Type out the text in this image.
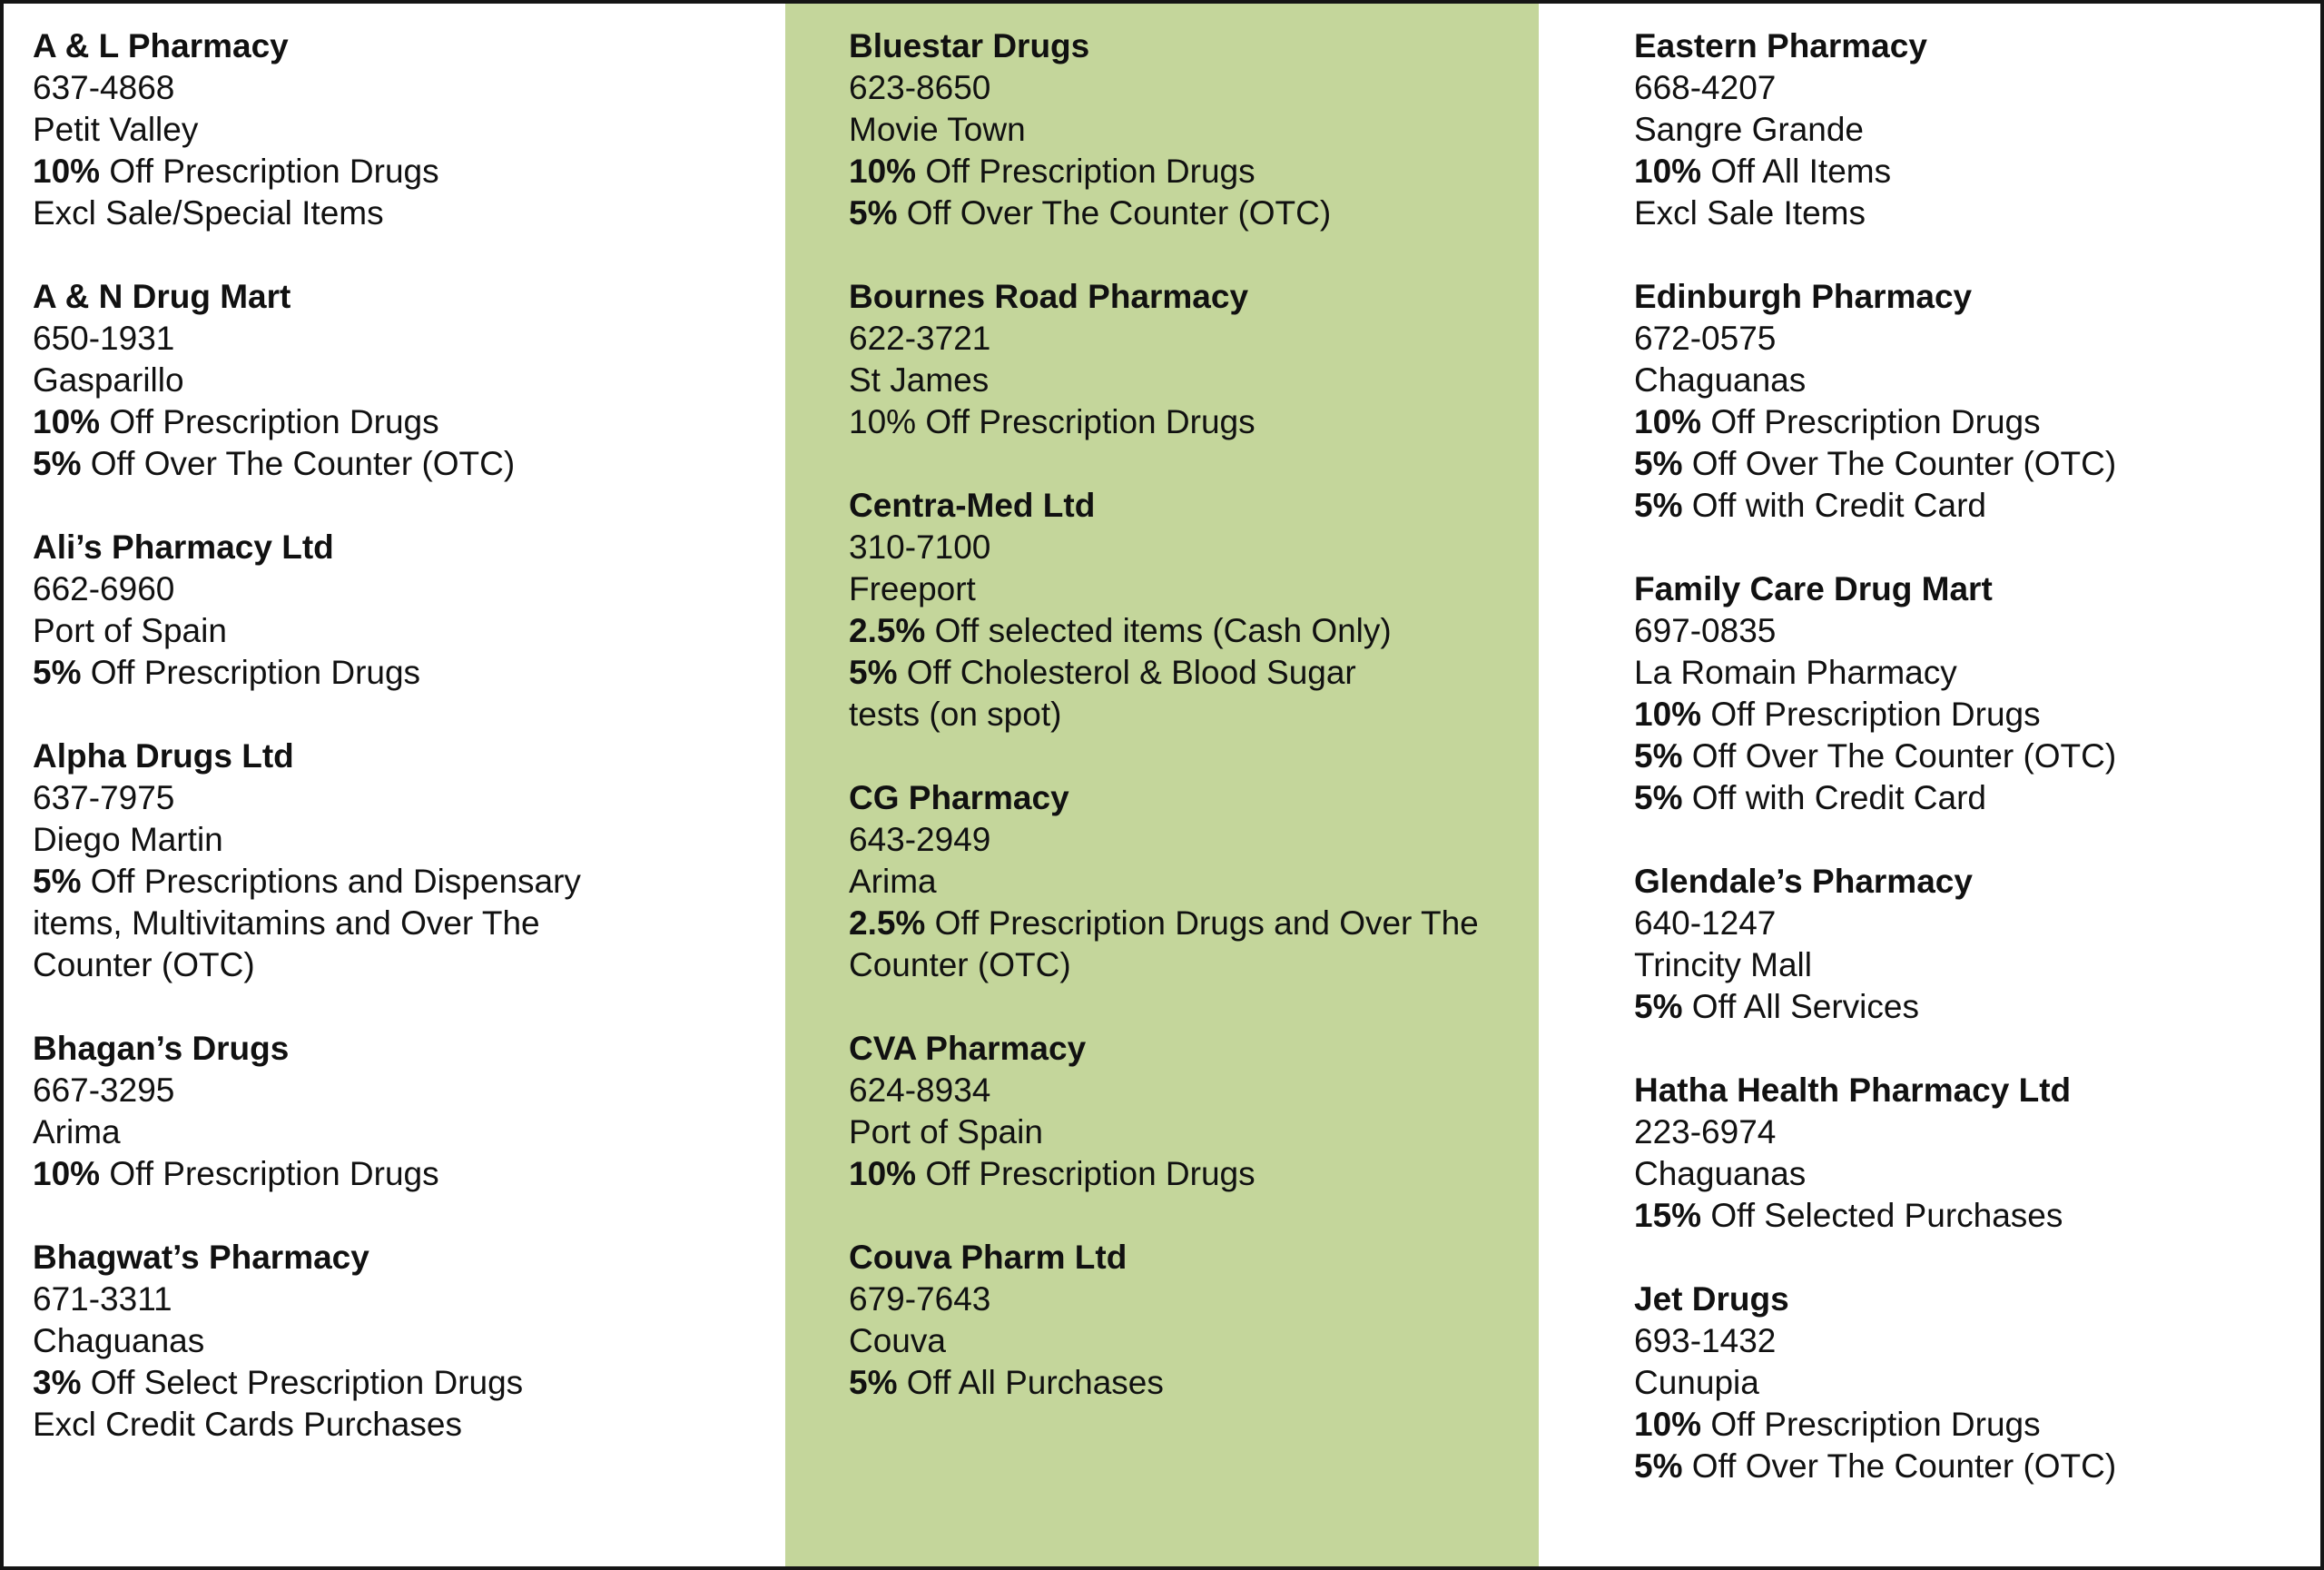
A & L Pharmacy
637-4868
Petit Valley
10% Off Prescription Drugs
Excl Sale/Special Items
A & N Drug Mart
650-1931
Gasparillo
10% Off Prescription Drugs
5% Off Over The Counter (OTC)
Ali’s Pharmacy Ltd
662-6960
Port of Spain
5% Off Prescription Drugs
Alpha Drugs Ltd
637-7975
Diego Martin
5% Off Prescriptions and Dispensary
items, Multivitamins and Over The
Counter (OTC)
Bhagan’s Drugs
667-3295
Arima
10% Off Prescription Drugs
Bhagwat’s Pharmacy
671-3311
Chaguanas
3% Off Select Prescription Drugs
Excl Credit Cards Purchases
Bluestar Drugs
623-8650
Movie Town
10% Off Prescription Drugs
5% Off Over The Counter (OTC)
Bournes Road Pharmacy
622-3721
St James
10% Off Prescription Drugs
Centra-Med Ltd
310-7100
Freeport
2.5% Off selected items (Cash Only)
5% Off Cholesterol & Blood Sugar
tests (on spot)
CG Pharmacy
643-2949
Arima
2.5% Off Prescription Drugs and Over The
Counter (OTC)
CVA Pharmacy
624-8934
Port of Spain
10% Off Prescription Drugs
Couva Pharm Ltd
679-7643
Couva
5% Off All Purchases
Eastern Pharmacy
668-4207
Sangre Grande
10% Off All Items
Excl Sale Items
Edinburgh Pharmacy
672-0575
Chaguanas
10% Off Prescription Drugs
5% Off Over The Counter (OTC)
5% Off with Credit Card
Family Care Drug Mart
697-0835
La Romain Pharmacy
10% Off Prescription Drugs
5% Off Over The Counter (OTC)
5% Off with Credit Card
Glendale’s Pharmacy
640-1247
Trincity Mall
5% Off All Services
Hatha Health Pharmacy Ltd
223-6974
Chaguanas
15% Off Selected Purchases
Jet Drugs
693-1432
Cunupia
10% Off Prescription Drugs
5% Off Over The Counter (OTC)
